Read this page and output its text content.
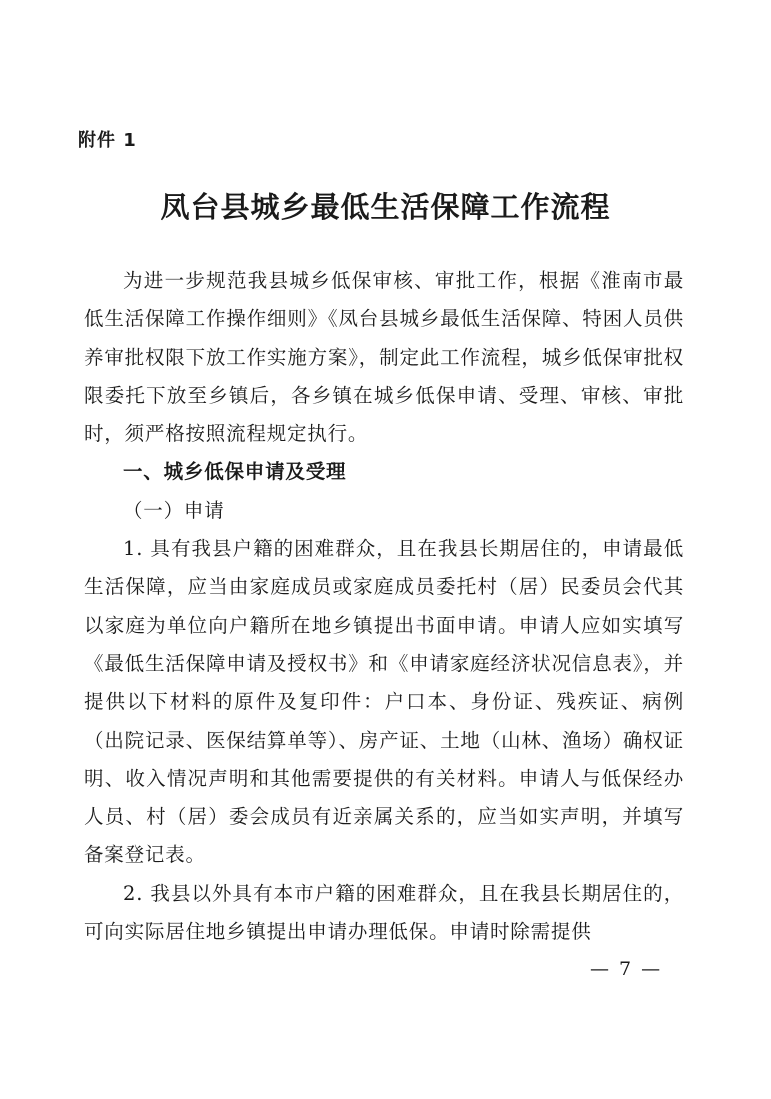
附件 1
凤台县城乡最低生活保障工作流程

为进一步规范我县城乡低保审核、审批工作，根据《淮南市最低生活保障工作操作细则》《凤台县城乡最低生活保障、特困人员供养审批权限下放工作实施方案》，制定此工作流程，城乡低保审批权限委托下放至乡镇后，各乡镇在城乡低保申请、受理、审核、审批时，须严格按照流程规定执行。

一、城乡低保申请及受理

（一）申请

1. 具有我县户籍的困难群众，且在我县长期居住的，申请最低生活保障，应当由家庭成员或家庭成员委托村（居）民委员会代其以家庭为单位向户籍所在地乡镇提出书面申请。申请人应如实填写《最低生活保障申请及授权书》和《申请家庭经济状况信息表》，并提供以下材料的原件及复印件：户口本、身份证、残疾证、病例（出院记录、医保结算单等）、房产证、土地（山林、渔场）确权证明、收入情况声明和其他需要提供的有关材料。申请人与低保经办人员、村（居）委会成员有近亲属关系的，应当如实声明，并填写备案登记表。

2. 我县以外具有本市户籍的困难群众，且在我县长期居住的，可向实际居住地乡镇提出申请办理低保。申请时除需提供

— 7 —
